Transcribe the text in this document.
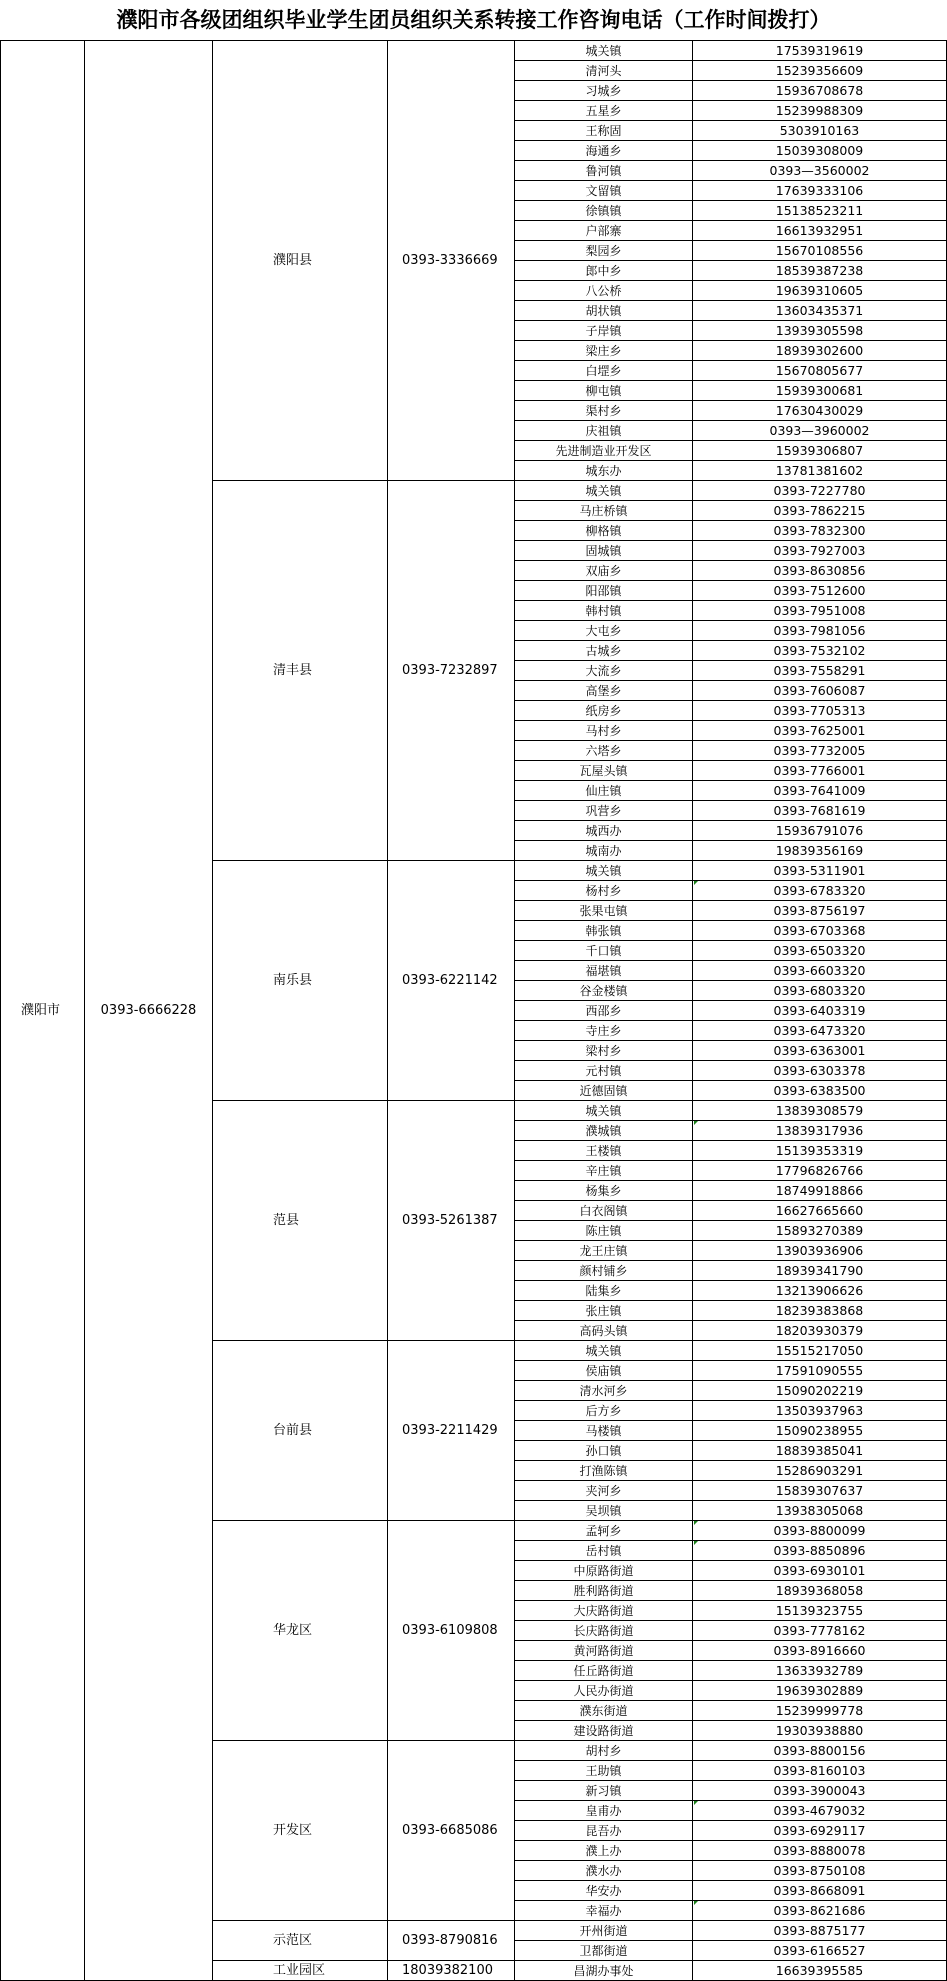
濮阳市各级团组织毕业学生团员组织关系转接工作咨询电话（工作时间拨打）
濮阳市	0393-6666228	濮阳县	0393-3336669	城关镇	17539319619
				清河头	15239356609
				习城乡	15936708678
				五星乡	15239988309
				王称固	5303910163
				海通乡	15039308009
				鲁河镇	0393—3560002
				文留镇	17639333106
				徐镇镇	15138523211
				户部寨	16613932951
				梨园乡	15670108556
				郎中乡	18539387238
				八公桥	19639310605
				胡状镇	13603435371
				子岸镇	13939305598
				梁庄乡	18939302600
				白堽乡	15670805677
				柳屯镇	15939300681
				渠村乡	17630430029
				庆祖镇	0393—3960002
				先进制造业开发区	15939306807
				城东办	13781381602
		清丰县	0393-7232897	城关镇	0393-7227780
				马庄桥镇	0393-7862215
				柳格镇	0393-7832300
				固城镇	0393-7927003
				双庙乡	0393-8630856
				阳邵镇	0393-7512600
				韩村镇	0393-7951008
				大屯乡	0393-7981056
				古城乡	0393-7532102
				大流乡	0393-7558291
				高堡乡	0393-7606087
				纸房乡	0393-7705313
				马村乡	0393-7625001
				六塔乡	0393-7732005
				瓦屋头镇	0393-7766001
				仙庄镇	0393-7641009
				巩营乡	0393-7681619
				城西办	15936791076
				城南办	19839356169
		南乐县	0393-6221142	城关镇	0393-5311901
				杨村乡	0393-6783320
				张果屯镇	0393-8756197
				韩张镇	0393-6703368
				千口镇	0393-6503320
				福堪镇	0393-6603320
				谷金楼镇	0393-6803320
				西邵乡	0393-6403319
				寺庄乡	0393-6473320
				梁村乡	0393-6363001
				元村镇	0393-6303378
				近德固镇	0393-6383500
		范县	0393-5261387	城关镇	13839308579
				濮城镇	13839317936
				王楼镇	15139353319
				辛庄镇	17796826766
				杨集乡	18749918866
				白衣阁镇	16627665660
				陈庄镇	15893270389
				龙王庄镇	13903936906
				颜村铺乡	18939341790
				陆集乡	13213906626
				张庄镇	18239383868
				高码头镇	18203930379
		台前县	0393-2211429	城关镇	15515217050
				侯庙镇	17591090555
				清水河乡	15090202219
				后方乡	13503937963
				马楼镇	15090238955
				孙口镇	18839385041
				打渔陈镇	15286903291
				夹河乡	15839307637
				吴坝镇	13938305068
		华龙区	0393-6109808	孟轲乡	0393-8800099
				岳村镇	0393-8850896
				中原路街道	0393-6930101
				胜利路街道	18939368058
				大庆路街道	15139323755
				长庆路街道	0393-7778162
				黄河路街道	0393-8916660
				任丘路街道	13633932789
				人民办街道	19639302889
				濮东街道	15239999778
				建设路街道	19303938880
		开发区	0393-6685086	胡村乡	0393-8800156
				王助镇	0393-8160103
				新习镇	0393-3900043
				皇甫办	0393-4679032
				昆吾办	0393-6929117
				濮上办	0393-8880078
				濮水办	0393-8750108
				华安办	0393-8668091
				幸福办	0393-8621686
		示范区	0393-8790816	开州街道	0393-8875177
				卫都街道	0393-6166527
		工业园区	18039382100	昌湖办事处	16639395585
